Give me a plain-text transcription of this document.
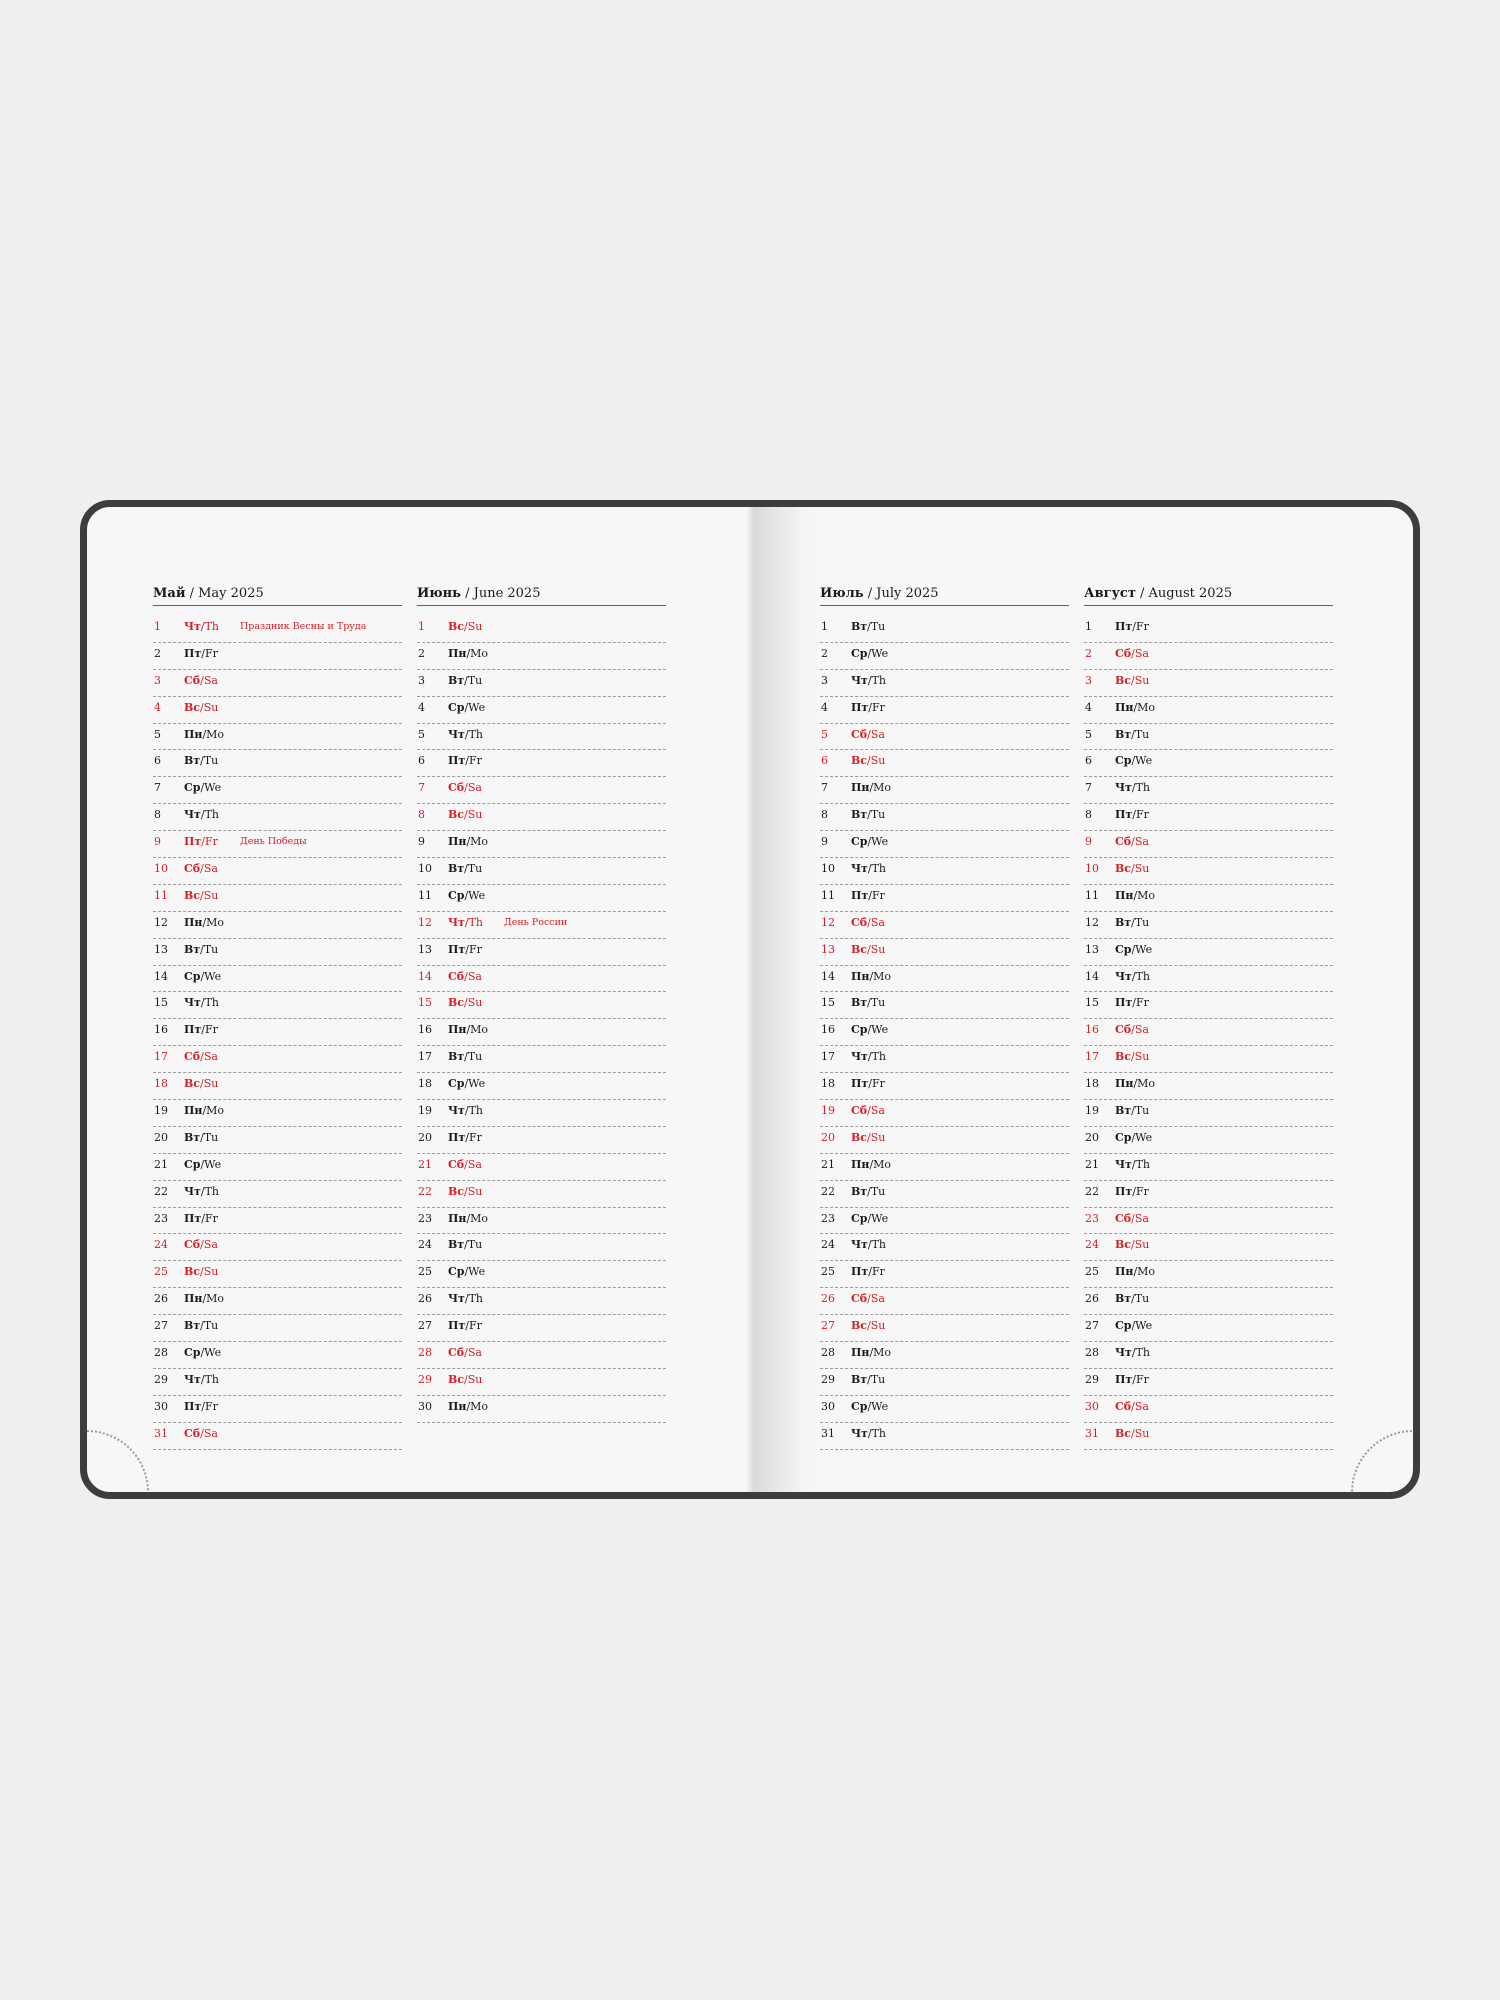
Май / May 2025
1 Чт/Th Праздник Весны и Труда
2 Пт/Fr
3 Сб/Sa
4 Вс/Su
5 Пн/Mo
6 Вт/Tu
7 Ср/We
8 Чт/Th
9 Пт/Fr День Победы
10 Сб/Sa
11 Вс/Su
12 Пн/Mo
13 Вт/Tu
14 Ср/We
15 Чт/Th
16 Пт/Fr
17 Сб/Sa
18 Вс/Su
19 Пн/Mo
20 Вт/Tu
21 Ср/We
22 Чт/Th
23 Пт/Fr
24 Сб/Sa
25 Вс/Su
26 Пн/Mo
27 Вт/Tu
28 Ср/We
29 Чт/Th
30 Пт/Fr
31 Сб/Sa
Июнь / June 2025
1 Вс/Su
2 Пн/Mo
3 Вт/Tu
4 Ср/We
5 Чт/Th
6 Пт/Fr
7 Сб/Sa
8 Вс/Su
9 Пн/Mo
10 Вт/Tu
11 Ср/We
12 Чт/Th День России
13 Пт/Fr
14 Сб/Sa
15 Вс/Su
16 Пн/Mo
17 Вт/Tu
18 Ср/We
19 Чт/Th
20 Пт/Fr
21 Сб/Sa
22 Вс/Su
23 Пн/Mo
24 Вт/Tu
25 Ср/We
26 Чт/Th
27 Пт/Fr
28 Сб/Sa
29 Вс/Su
30 Пн/Mo
Июль / July 2025
1 Вт/Tu
2 Ср/We
3 Чт/Th
4 Пт/Fr
5 Сб/Sa
6 Вс/Su
7 Пн/Mo
8 Вт/Tu
9 Ср/We
10 Чт/Th
11 Пт/Fr
12 Сб/Sa
13 Вс/Su
14 Пн/Mo
15 Вт/Tu
16 Ср/We
17 Чт/Th
18 Пт/Fr
19 Сб/Sa
20 Вс/Su
21 Пн/Mo
22 Вт/Tu
23 Ср/We
24 Чт/Th
25 Пт/Fr
26 Сб/Sa
27 Вс/Su
28 Пн/Mo
29 Вт/Tu
30 Ср/We
31 Чт/Th
Август / August 2025
1 Пт/Fr
2 Сб/Sa
3 Вс/Su
4 Пн/Mo
5 Вт/Tu
6 Ср/We
7 Чт/Th
8 Пт/Fr
9 Сб/Sa
10 Вс/Su
11 Пн/Mo
12 Вт/Tu
13 Ср/We
14 Чт/Th
15 Пт/Fr
16 Сб/Sa
17 Вс/Su
18 Пн/Mo
19 Вт/Tu
20 Ср/We
21 Чт/Th
22 Пт/Fr
23 Сб/Sa
24 Вс/Su
25 Пн/Mo
26 Вт/Tu
27 Ср/We
28 Чт/Th
29 Пт/Fr
30 Сб/Sa
31 Вс/Su
